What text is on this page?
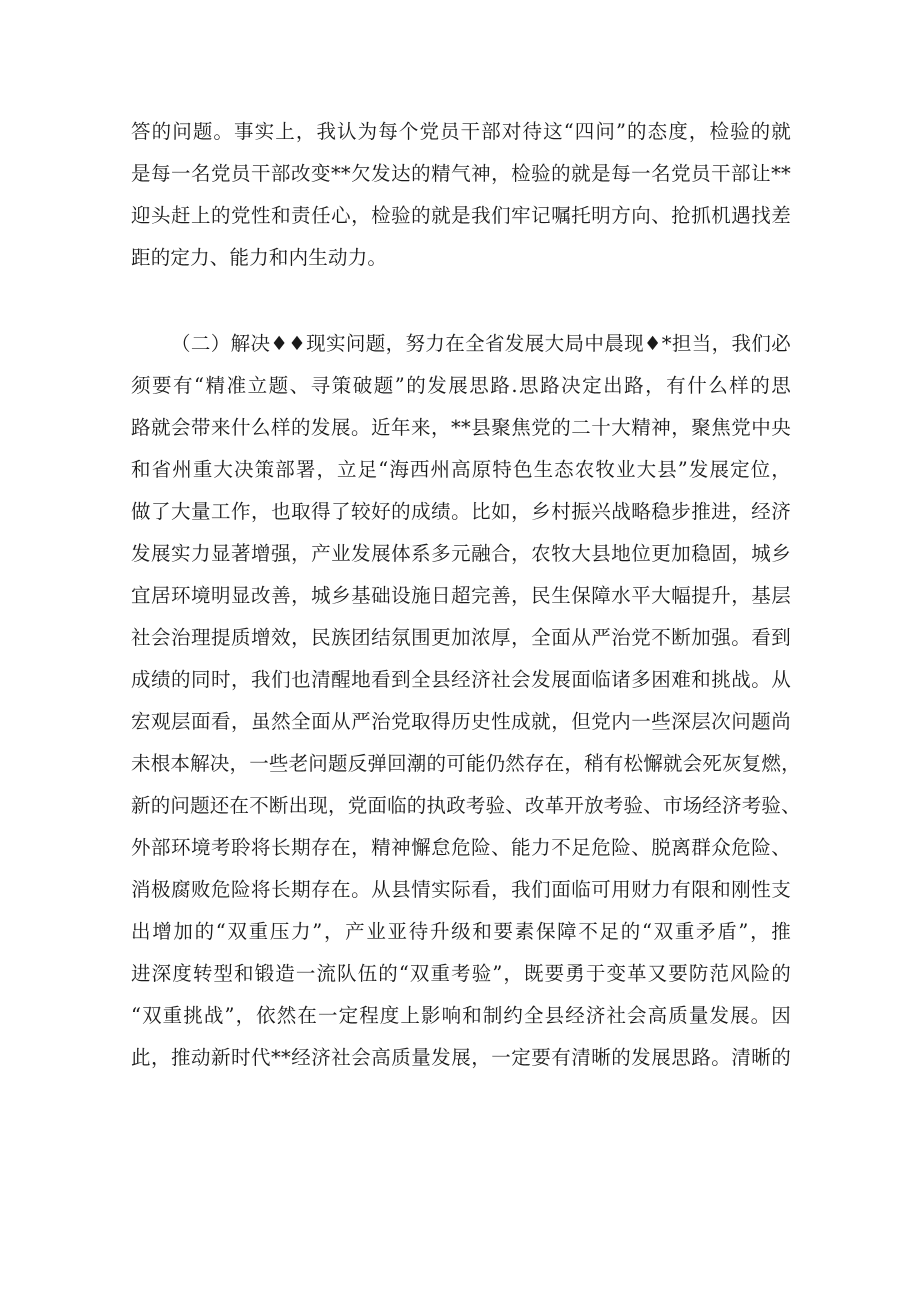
答的问题。事实上，我认为每个党员干部对待这“四问”的态度，检验的就
是每一名党员干部改变**欠发达的精气神，检验的就是每一名党员干部让**
迎头赶上的党性和责任心，检验的就是我们牢记嘱托明方向、抢抓机遇找差
距的定力、能力和内生动力。
（二）解决♦♦现实问题，努力在全省发展大局中晨现♦*担当，我们必
须要有“精准立题、寻策破题”的发展思路.思路决定出路，有什么样的思
路就会带来什么样的发展。近年来，**县聚焦党的二十大精神，聚焦党中央
和省州重大决策部署，立足“海西州高原特色生态农牧业大县”发展定位，
做了大量工作，也取得了较好的成绩。比如，乡村振兴战略稳步推进，经济
发展实力显著增强，产业发展体系多元融合，农牧大县地位更加稳固，城乡
宜居环境明显改善，城乡基础设施日超完善，民生保障水平大幅提升，基层
社会治理提质增效，民族团结氛围更加浓厚，全面从严治党不断加强。看到
成绩的同时，我们也清醒地看到全县经济社会发展面临诸多困难和挑战。从
宏观层面看，虽然全面从严治党取得历史性成就，但党内一些深层次问题尚
未根本解决，一些老问题反弹回潮的可能仍然存在，稍有松懈就会死灰复燃，
新的问题还在不断出现，党面临的执政考验、改革开放考验、市场经济考验、
外部环境考聆将长期存在，精神懈怠危险、能力不足危险、脱离群众危险、
消极腐败危险将长期存在。从县情实际看，我们面临可用财力有限和刚性支
出增加的“双重压力”，产业亚待升级和要素保障不足的“双重矛盾”，推
进深度转型和锻造一流队伍的“双重考验”，既要勇于变革又要防范风险的
“双重挑战”，依然在一定程度上影响和制约全县经济社会高质量发展。因
此，推动新时代**经济社会高质量发展，一定要有清晰的发展思路。清晰的
